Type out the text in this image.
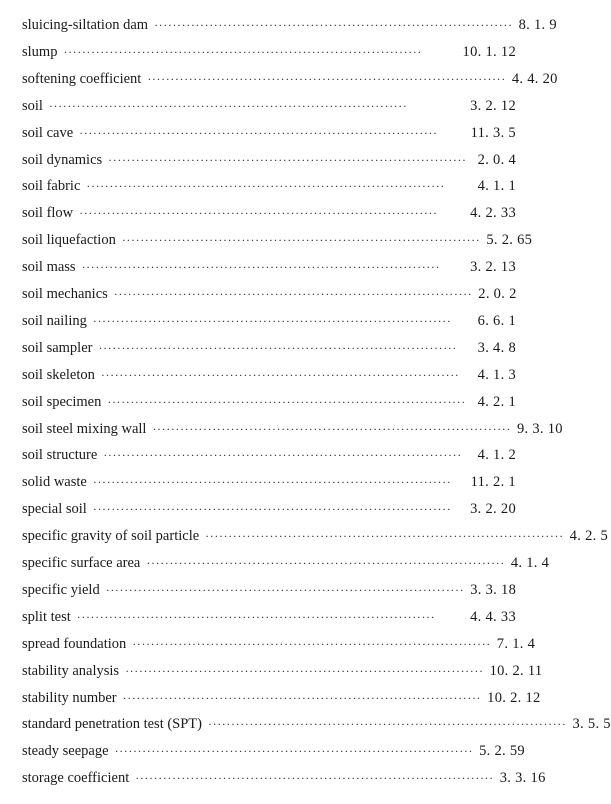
sluicing-siltation dam ·············································································· 8. 1. 9
slump ··············································································	10. 1. 12
softening coefficient ·············································································· 4. 4. 20
soil ··············································································	3. 2. 12
soil cave ··············································································	11. 3. 5
soil dynamics ·············································································· 2. 0. 4
soil fabric ··············································································	4. 1. 1
soil flow ··············································································	4. 2. 33
soil liquefaction ·············································································· 5. 2. 65
soil mass ··············································································	3. 2. 13
soil mechanics ·············································································· 2. 0. 2
soil nailing ··············································································	6. 6. 1
soil sampler ··············································································	3. 4. 8
soil skeleton ··············································································	4. 1. 3
soil specimen ·············································································· 4. 2. 1
soil steel mixing wall ·············································································· 9. 3. 10
soil structure ··············································································	4. 1. 2
solid waste ··············································································	11. 2. 1
special soil ··············································································	3. 2. 20
specific gravity of soil particle ·············································································· 4. 2. 5
specific surface area ·············································································· 4. 1. 4
specific yield ·············································································· 3. 3. 18
split test ··············································································	4. 4. 33
spread foundation ·············································································· 7. 1. 4
stability analysis ·············································································· 10. 2. 11
stability number ·············································································· 10. 2. 12
standard penetration test (SPT) ·············································································· 3. 5. 5
steady seepage ·············································································· 5. 2. 59
storage coefficient ·············································································· 3. 3. 16
